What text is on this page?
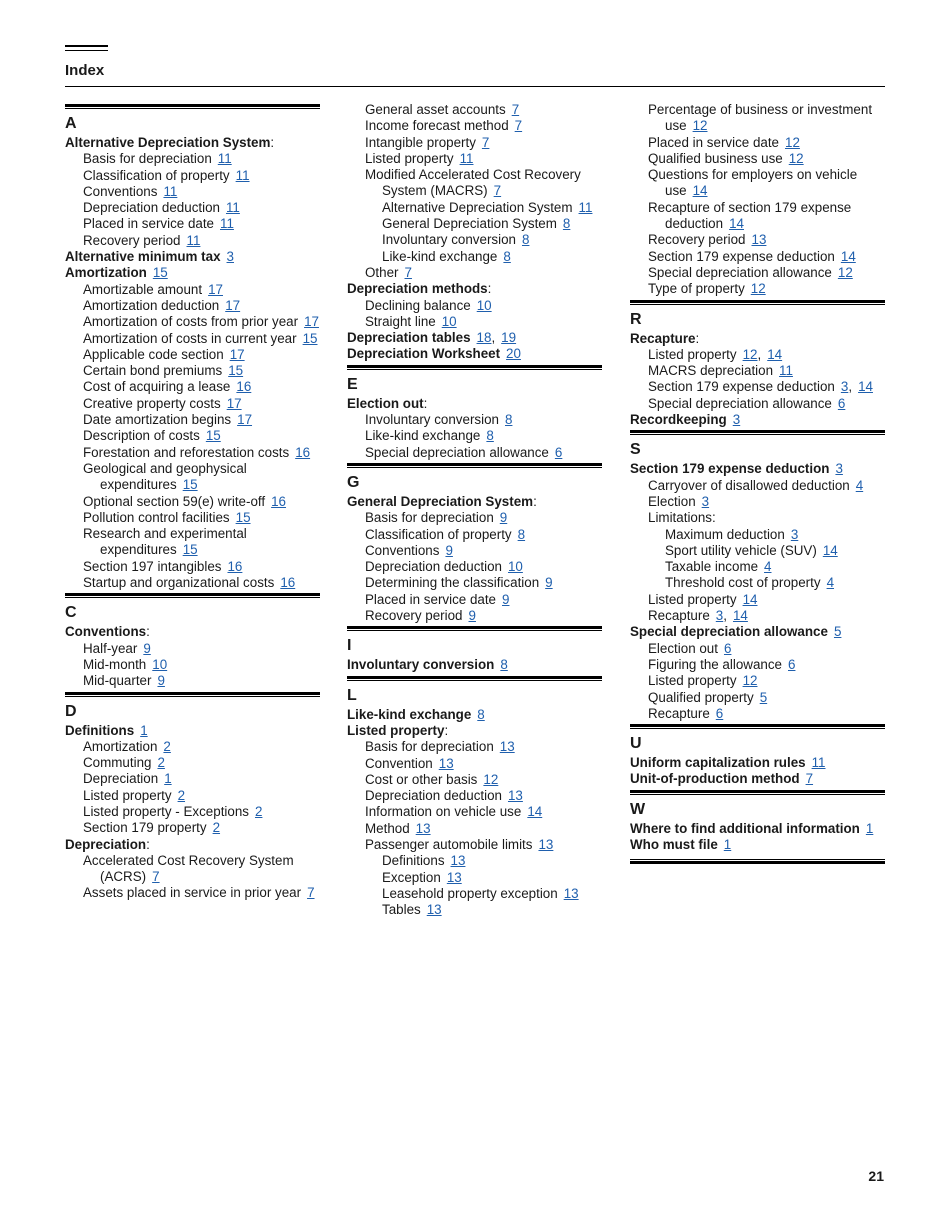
Index
A
Alternative Depreciation System:
Basis for depreciation 11
Classification of property 11
Conventions 11
Depreciation deduction 11
Placed in service date 11
Recovery period 11
Alternative minimum tax 3
Amortization 15
Amortizable amount 17
Amortization deduction 17
Amortization of costs from prior year 17
Amortization of costs in current year 15
Applicable code section 17
Certain bond premiums 15
Cost of acquiring a lease 16
Creative property costs 17
Date amortization begins 17
Description of costs 15
Forestation and reforestation costs 16
Geological and geophysical expenditures 15
Optional section 59(e) write-off 16
Pollution control facilities 15
Research and experimental expenditures 15
Section 197 intangibles 16
Startup and organizational costs 16
C
Conventions:
Half-year 9
Mid-month 10
Mid-quarter 9
D
Definitions 1
Amortization 2
Commuting 2
Depreciation 1
Listed property 2
Listed property - Exceptions 2
Section 179 property 2
Depreciation:
Accelerated Cost Recovery System (ACRS) 7
Assets placed in service in prior year 7
General asset accounts 7
Income forecast method 7
Intangible property 7
Listed property 11
Modified Accelerated Cost Recovery System (MACRS) 7
Alternative Depreciation System 11
General Depreciation System 8
Involuntary conversion 8
Like-kind exchange 8
Other 7
Depreciation methods:
Declining balance 10
Straight line 10
Depreciation tables 18, 19
Depreciation Worksheet 20
E
Election out:
Involuntary conversion 8
Like-kind exchange 8
Special depreciation allowance 6
G
General Depreciation System:
Basis for depreciation 9
Classification of property 8
Conventions 9
Depreciation deduction 10
Determining the classification 9
Placed in service date 9
Recovery period 9
I
Involuntary conversion 8
L
Like-kind exchange 8
Listed property:
Basis for depreciation 13
Convention 13
Cost or other basis 12
Depreciation deduction 13
Information on vehicle use 14
Method 13
Passenger automobile limits 13
Definitions 13
Exception 13
Leasehold property exception 13
Tables 13
Percentage of business or investment use 12
Placed in service date 12
Qualified business use 12
Questions for employers on vehicle use 14
Recapture of section 179 expense deduction 14
Recovery period 13
Section 179 expense deduction 14
Special depreciation allowance 12
Type of property 12
R
Recapture:
Listed property 12, 14
MACRS depreciation 11
Section 179 expense deduction 3, 14
Special depreciation allowance 6
Recordkeeping 3
S
Section 179 expense deduction 3
Carryover of disallowed deduction 4
Election 3
Limitations:
Maximum deduction 3
Sport utility vehicle (SUV) 14
Taxable income 4
Threshold cost of property 4
Listed property 14
Recapture 3, 14
Special depreciation allowance 5
Election out 6
Figuring the allowance 6
Listed property 12
Qualified property 5
Recapture 6
U
Uniform capitalization rules 11
Unit-of-production method 7
W
Where to find additional information 1
Who must file 1
21
